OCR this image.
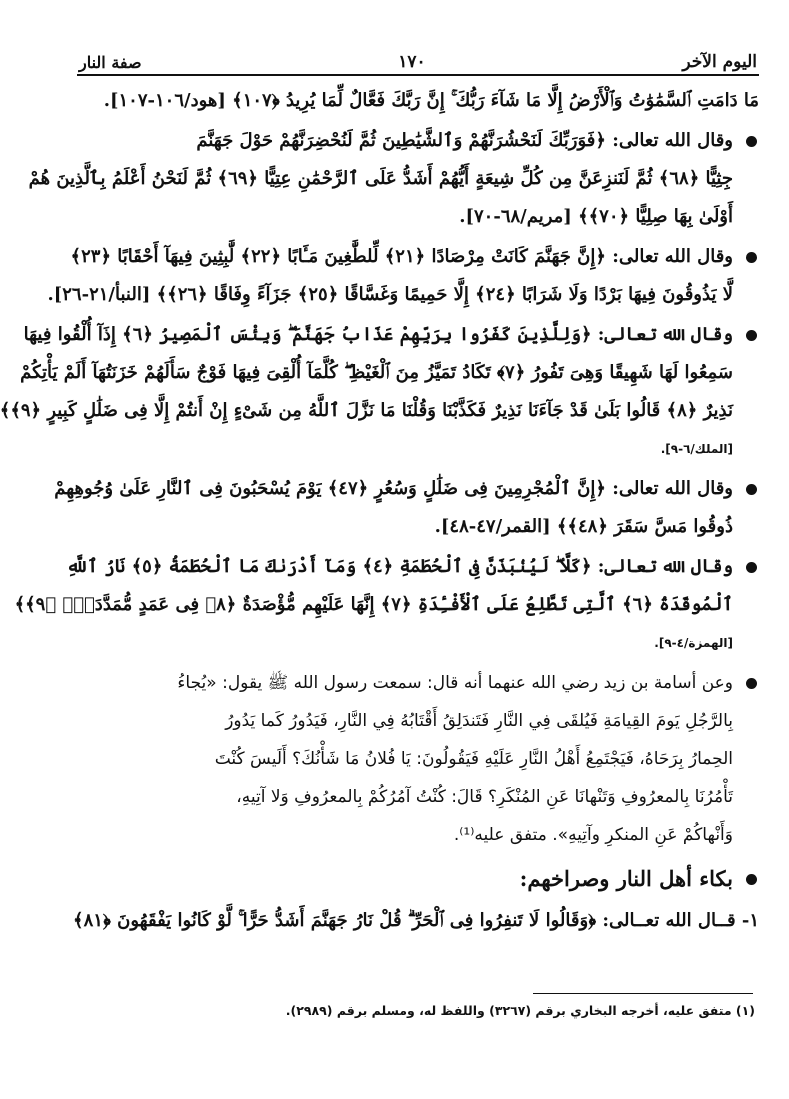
اليوم الآخر
١٧٠
صفة النار
مَا دَامَتِ ٱلسَّمَٰوَٰتُ وَٱلْأَرْضُ إِلَّا مَا شَآءَ رَبُّكَ ۚ إِنَّ رَبَّكَ فَعَّالٌ لِّمَا يُرِيدُ ﴿١٠٧﴾ [هود/١٠٦-١٠٧].
وقال الله تعالى: ﴿فَوَرَبِّكَ لَنَحْشُرَنَّهُمْ وَٱلشَّيَٰطِينَ ثُمَّ لَنُحْضِرَنَّهُمْ حَوْلَ جَهَنَّمَ
جِثِيًّا ﴿٦٨﴾ ثُمَّ لَنَنزِعَنَّ مِن كُلِّ شِيعَةٍ أَيُّهُمْ أَشَدُّ عَلَى ٱلرَّحْمَٰنِ عِتِيًّا ﴿٦٩﴾ ثُمَّ لَنَحْنُ أَعْلَمُ بِٱلَّذِينَ هُمْ
أَوْلَىٰ بِهَا صِلِيًّا ﴿٧٠﴾﴾ [مريم/٦٨-٧٠].
وقال الله تعالى: ﴿إِنَّ جَهَنَّمَ كَانَتْ مِرْصَادًا ﴿٢١﴾ لِّلطَّٰغِينَ مَـَٔابًا ﴿٢٢﴾ لَّٰبِثِينَ فِيهَآ أَحْقَابًا ﴿٢٣﴾
لَّا يَذُوقُونَ فِيهَا بَرْدًا وَلَا شَرَابًا ﴿٢٤﴾ إِلَّا حَمِيمًا وَغَسَّاقًا ﴿٢٥﴾ جَزَآءً وِفَاقًا ﴿٢٦﴾﴾ [النبأ/٢١-٢٦].
وقال الله تعالى: ﴿وَلِلَّذِينَ كَفَرُوا بِرَبِّهِمْ عَذَابُ جَهَنَّمَ ۖ وَبِئْسَ ٱلْمَصِيرُ ﴿٦﴾ إِذَآ أُلْقُوا فِيهَا
سَمِعُوا لَهَا شَهِيقًا وَهِىَ تَفُورُ ﴿٧﴾ تَكَادُ تَمَيَّزُ مِنَ ٱلْغَيْظِ ۖ كُلَّمَآ أُلْقِىَ فِيهَا فَوْجٌ سَأَلَهُمْ خَزَنَتُهَآ أَلَمْ يَأْتِكُمْ
نَذِيرٌ ﴿٨﴾ قَالُوا بَلَىٰ قَدْ جَآءَنَا نَذِيرٌ فَكَذَّبْنَا وَقُلْنَا مَا نَزَّلَ ٱللَّهُ مِن شَىْءٍ إِنْ أَنتُمْ إِلَّا فِى ضَلَٰلٍ كَبِيرٍ ﴿٩﴾﴾
[الملك/٦-٩].
وقال الله تعالى: ﴿إِنَّ ٱلْمُجْرِمِينَ فِى ضَلَٰلٍ وَسُعُرٍ ﴿٤٧﴾ يَوْمَ يُسْحَبُونَ فِى ٱلنَّارِ عَلَىٰ وُجُوهِهِمْ
ذُوقُوا مَسَّ سَقَرَ ﴿٤٨﴾﴾ [القمر/٤٧-٤٨].
وقال الله تعالى: ﴿كَلَّا ۖ لَيُنۢبَذَنَّ فِى ٱلْحُطَمَةِ ﴿٤﴾ وَمَآ أَدْرَىٰكَ مَا ٱلْحُطَمَةُ ﴿٥﴾ نَارُ ٱللَّهِ
ٱلْمُوقَدَةُ ﴿٦﴾ ٱلَّتِى تَطَّلِعُ عَلَى ٱلْأَفْـِٔدَةِ ﴿٧﴾ إِنَّهَا عَلَيْهِم مُّؤْصَدَةٌ ﴿٨﴾ فِى عَمَدٍ مُّمَدَّدَةٍۭ ﴿٩﴾﴾
[الهمزة/٤-٩].
وعن أسامة بن زيد رضي الله عنهما أنه قال: سمعت رسول الله ﷺ يقول: «يُجاءُ
بِالرَّجُلِ يَومَ القِيامَةِ فَيُلقَى فِي النَّارِ فَتَندَلِقُ أَقْتَابُهُ فِي النَّارِ، فَيَدُورُ كَما يَدُورُ
الحِمارُ بِرَحَاهُ، فَيَجْتَمِعُ أَهْلُ النَّارِ عَلَيْهِ فَيَقُولُونَ: يَا فُلانُ مَا شَأْنُكَ؟ أَلَيسَ كُنْتَ
تَأْمُرُنَا بِالمعرُوفِ وَتَنْهانَا عَنِ المُنْكَرِ؟ قَالَ: كُنْتُ آمُرُكُمْ بِالمعرُوفِ وَلا آتِيهِ،
وَأَنْهاكُمْ عَنِ المنكرِ وآتِيهِ». متفق عليه⁽¹⁾.
بكاء أهل النار وصراخهم:
١- قــال الله تعــالى: ﴿وَقَالُوا لَا تَنفِرُوا فِى ٱلْحَرِّ ۗ قُلْ نَارُ جَهَنَّمَ أَشَدُّ حَرًّا ۚ لَّوْ كَانُوا يَفْقَهُونَ ﴿٨١﴾
(١) متفق عليه، أخرجه البخاري برقم (٣٢٦٧) واللفظ له، ومسلم برقم (٢٩٨٩).
